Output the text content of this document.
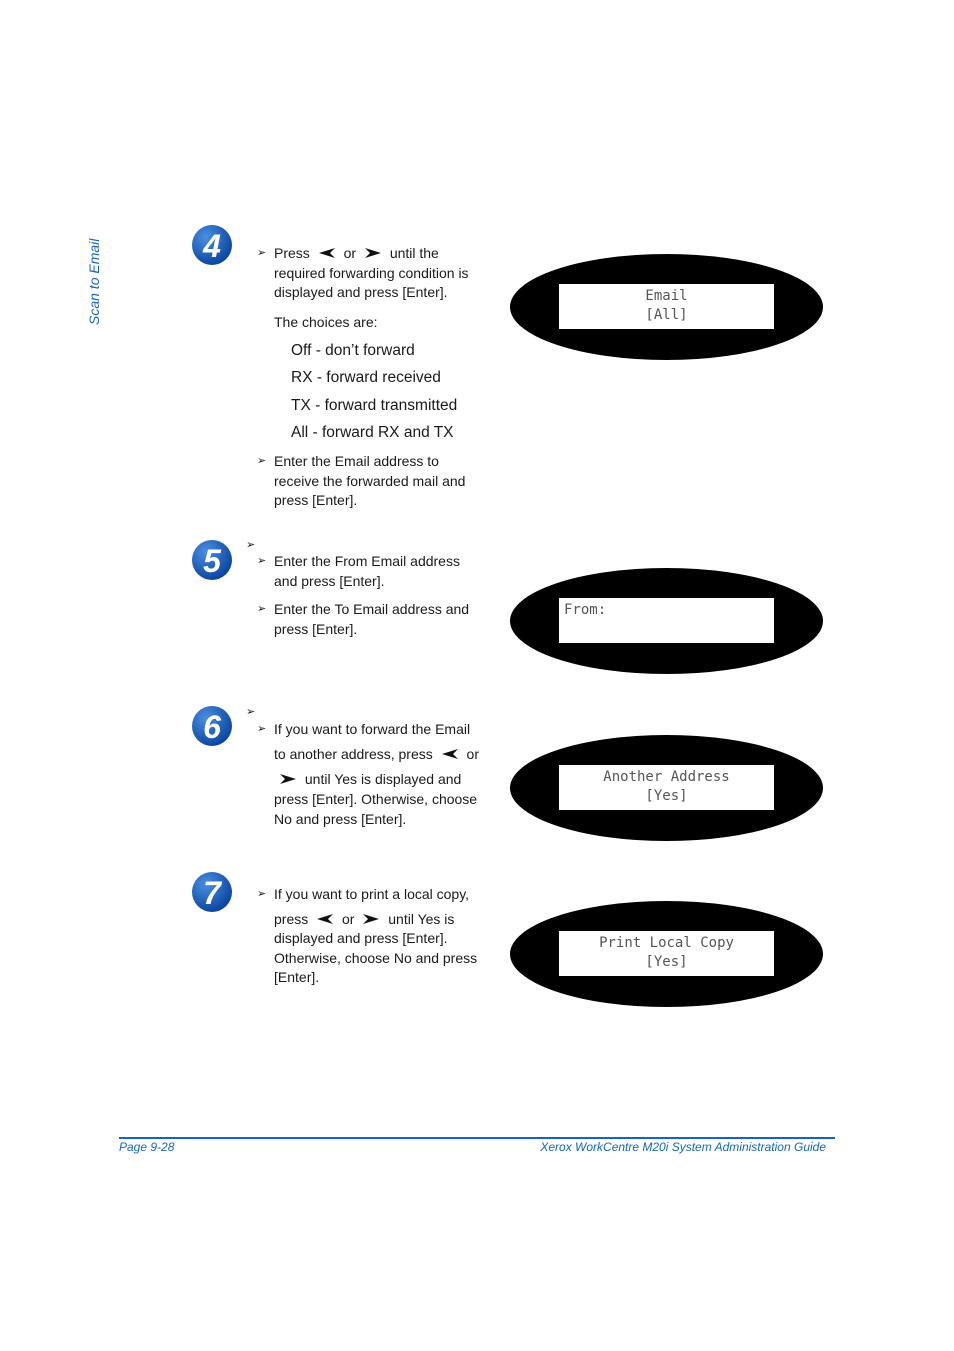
Scan to Email	4	➢ Press or until the
required forwarding condition is
displayed and press [Enter].
The choices are:
Off - don’t forward
RX - forward received
TX - forward transmitted
All - forward RX and TX
➢ Enter the Email address to
receive the forwarded mail and
press [Enter].
Email
[All]
5 ➢
➢ Enter the From Email address
and press [Enter].
➢ Enter the To Email address and
press [Enter].
From:
6 ➢
➢ If you want to forward the Email
to another address, press or
until Yes is displayed and
press [Enter]. Otherwise, choose
No and press [Enter].
Another Address
[Yes]
7	➢ If you want to print a local copy,
press or until Yes is
displayed and press [Enter].
Otherwise, choose No and press
[Enter].
Print Local Copy
[Yes]
Page 9-28	Xerox WorkCentre M20i System Administration Guide
